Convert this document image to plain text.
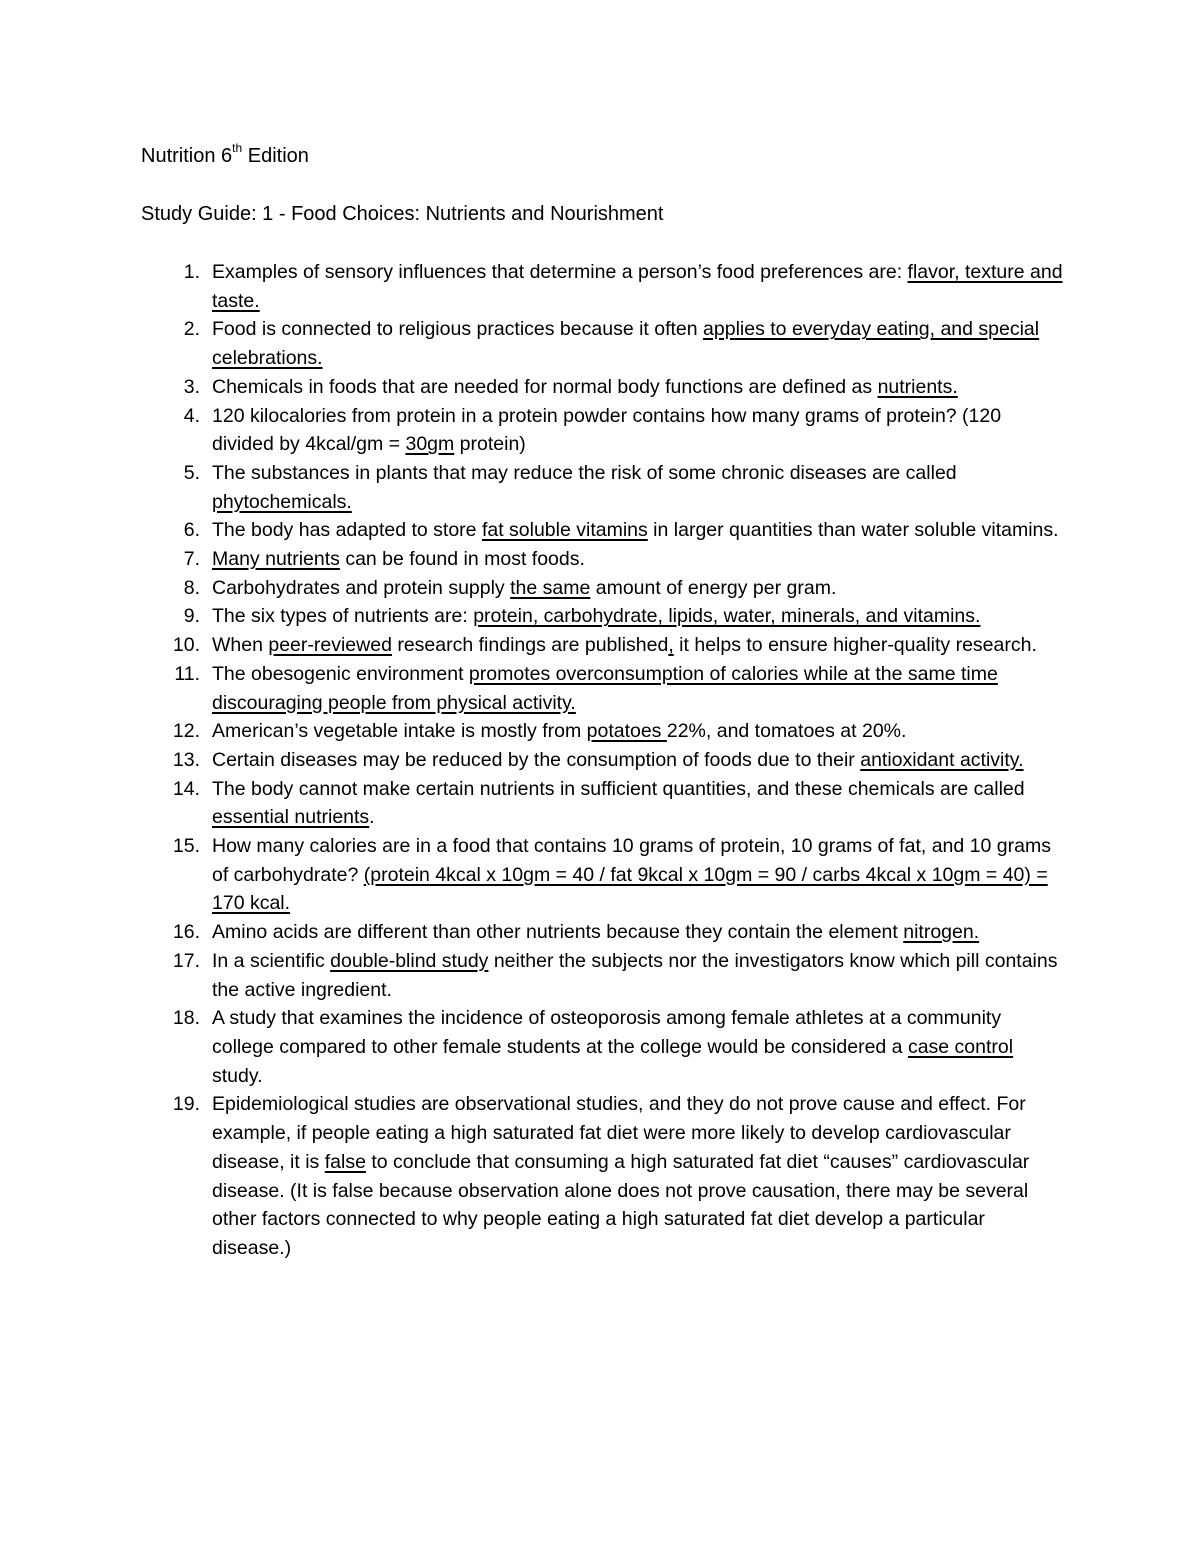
Nutrition 6th Edition
Study Guide: 1 - Food Choices: Nutrients and Nourishment
1. Examples of sensory influences that determine a person’s food preferences are: flavor, texture and taste.
2. Food is connected to religious practices because it often applies to everyday eating, and special celebrations.
3. Chemicals in foods that are needed for normal body functions are defined as nutrients.
4. 120 kilocalories from protein in a protein powder contains how many grams of protein? (120 divided by 4kcal/gm = 30gm protein)
5. The substances in plants that may reduce the risk of some chronic diseases are called phytochemicals.
6. The body has adapted to store fat soluble vitamins in larger quantities than water soluble vitamins.
7. Many nutrients can be found in most foods.
8. Carbohydrates and protein supply the same amount of energy per gram.
9. The six types of nutrients are: protein, carbohydrate, lipids, water, minerals, and vitamins.
10. When peer-reviewed research findings are published, it helps to ensure higher-quality research.
11. The obesogenic environment promotes overconsumption of calories while at the same time discouraging people from physical activity.
12. American’s vegetable intake is mostly from potatoes 22%, and tomatoes at 20%.
13. Certain diseases may be reduced by the consumption of foods due to their antioxidant activity.
14. The body cannot make certain nutrients in sufficient quantities, and these chemicals are called essential nutrients.
15. How many calories are in a food that contains 10 grams of protein, 10 grams of fat, and 10 grams of carbohydrate? (protein 4kcal x 10gm = 40 / fat 9kcal x 10gm = 90 / carbs 4kcal x 10gm = 40) = 170 kcal.
16. Amino acids are different than other nutrients because they contain the element nitrogen.
17. In a scientific double-blind study neither the subjects nor the investigators know which pill contains the active ingredient.
18. A study that examines the incidence of osteoporosis among female athletes at a community college compared to other female students at the college would be considered a case control study.
19. Epidemiological studies are observational studies, and they do not prove cause and effect. For example, if people eating a high saturated fat diet were more likely to develop cardiovascular disease, it is false to conclude that consuming a high saturated fat diet “causes” cardiovascular disease. (It is false because observation alone does not prove causation, there may be several other factors connected to why people eating a high saturated fat diet develop a particular disease.)
